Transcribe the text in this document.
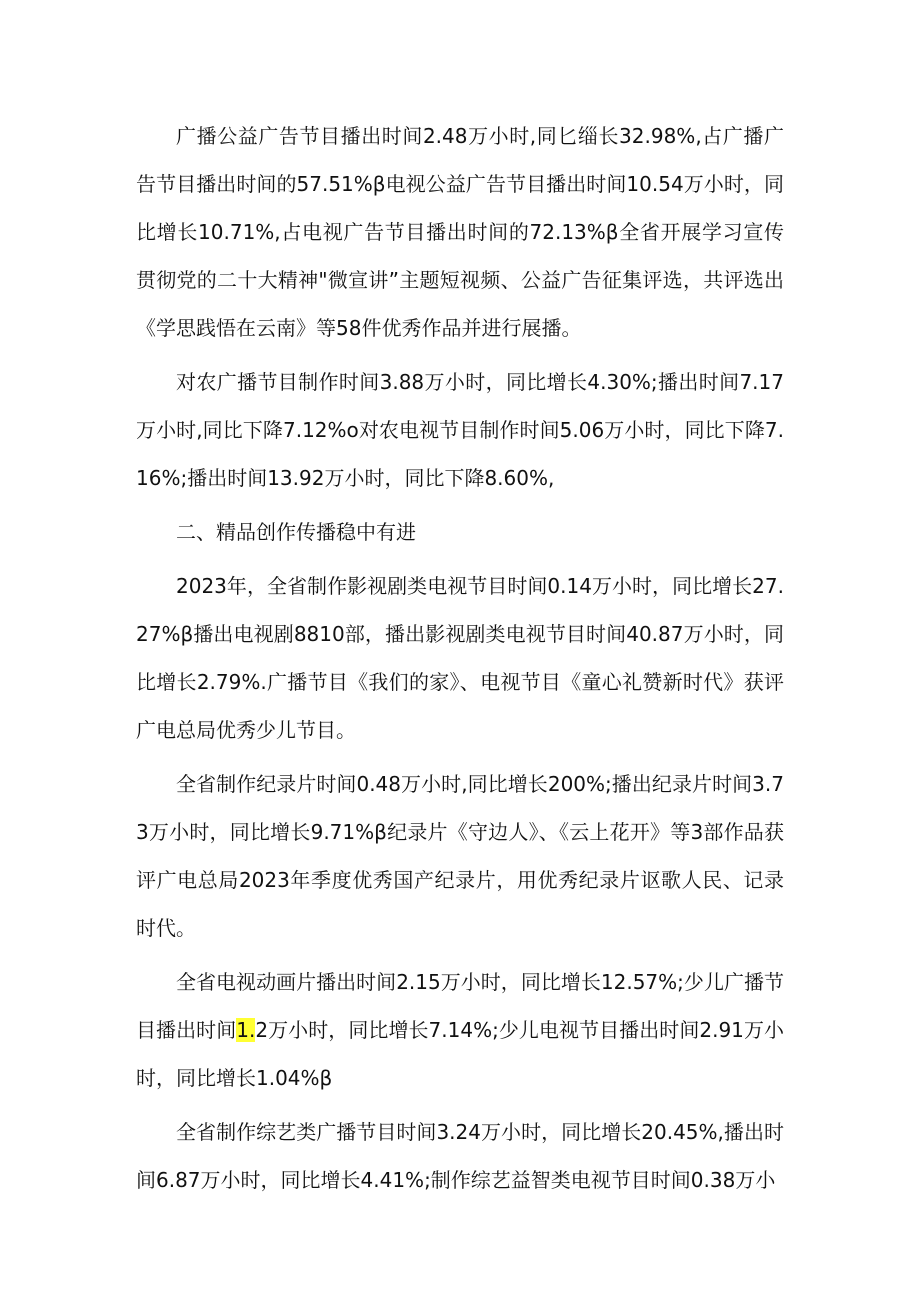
广播公益广告节目播出时间2.48万小时,同匕缁长32.98%,占广播广告节目播出时间的57.51%β电视公益广告节目播出时间10.54万小时，同比增长10.71%,占电视广告节目播出时间的72.13%β全省开展学习宣传贯彻党的二十大精神"微宣讲”主题短视频、公益广告征集评选，共评选出《学思践悟在云南》等58件优秀作品并进行展播。

对农广播节目制作时间3.88万小时，同比增长4.30%;播出时间7.17万小时,同比下降7.12%o对农电视节目制作时间5.06万小时，同比下降7.16%;播出时间13.92万小时，同比下降8.60%,

二、精品创作传播稳中有进

2023年，全省制作影视剧类电视节目时间0.14万小时，同比增长27.27%β播出电视剧8810部，播出影视剧类电视节目时间40.87万小时，同比增长2.79%.广播节目《我们的家》、电视节目《童心礼赞新时代》获评广电总局优秀少儿节目。

全省制作纪录片时间0.48万小时,同比增长200%;播出纪录片时间3.73万小时，同比增长9.71%β纪录片《守边人》、《云上花开》等3部作品获评广电总局2023年季度优秀国产纪录片，用优秀纪录片讴歌人民、记录时代。

全省电视动画片播出时间2.15万小时，同比增长12.57%;少儿广播节目播出时间1.2万小时，同比增长7.14%;少儿电视节目播出时间2.91万小时，同比增长1.04%β

全省制作综艺类广播节目时间3.24万小时，同比增长20.45%,播出时间6.87万小时，同比增长4.41%;制作综艺益智类电视节目时间0.38万小
